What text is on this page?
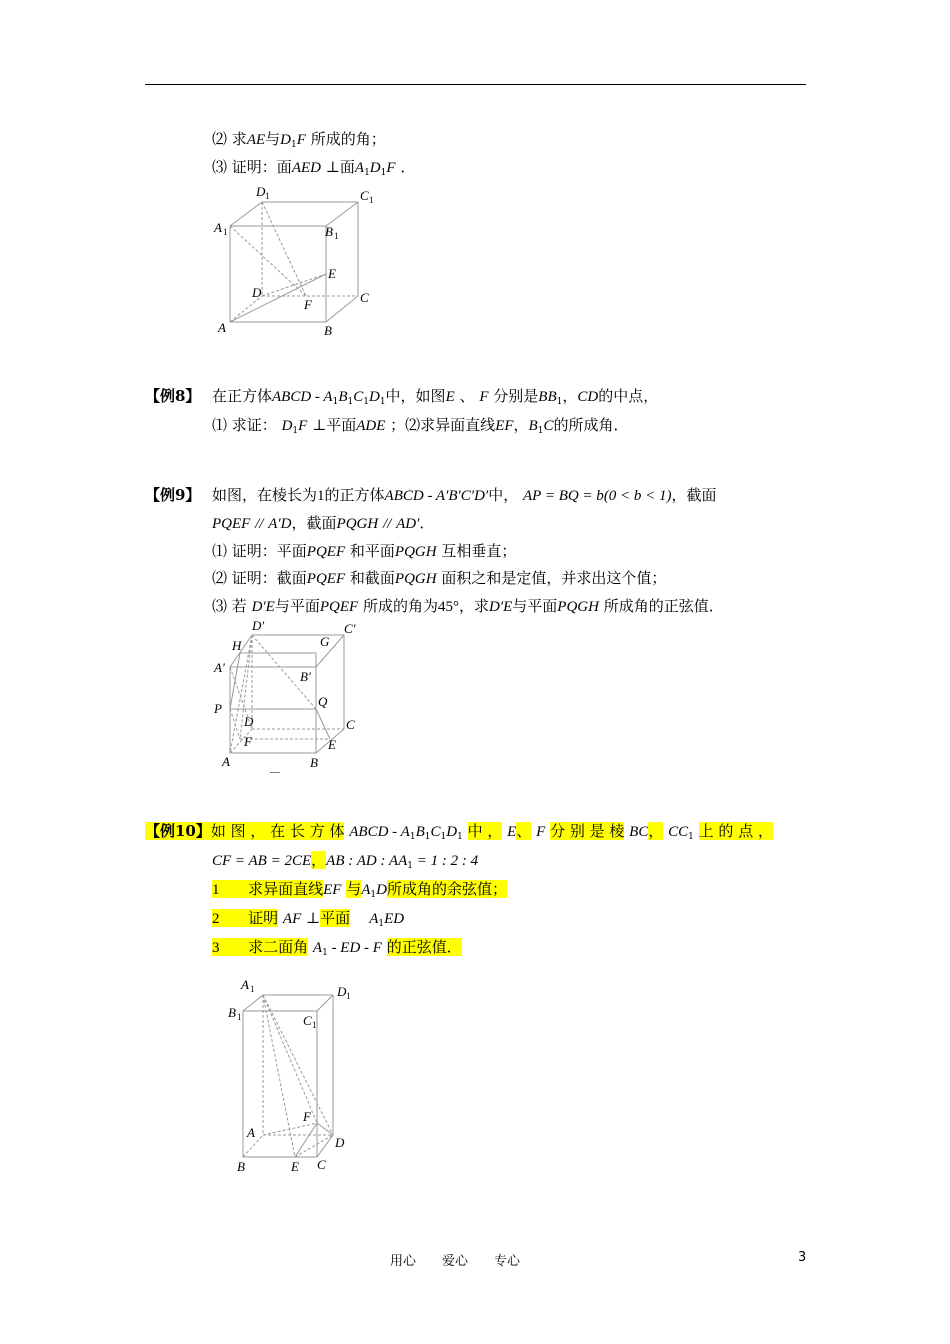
⑵ 求AE与$D_1F$ 所成的角；
⑶ 证明：面AED ⊥面$A_1D_1F$ ．
D 1	C 1
A 1	B 1
E
D
F	C
A	B
【例8】 在正方体ABCD - $A_1B_1C_1D_1$中，如图E 、 F 分别是$BB_1$，CD的中点，
⑴ 求证： $D_1F$ ⊥平面ADE ；⑵求异面直线EF，$B_1C$的所成角．
【例9】 如图，在棱长为1的正方体ABCD - A′B′C′D′中， AP = BQ = b(0 < b < 1)，截面
PQEF // A′D，截面PQGH // AD′．
⑴ 证明：平面PQEF 和平面PQGH 互相垂直；
⑵ 证明：截面PQEF 和截面PQGH 面积之和是定值，并求出这个值；
⑶ 若 D′E与平面PQEF 所成的角为45°，求D′E与平面PQGH 所成角的正弦值．
D′	C′
H	G
A′
B′
P	Q
D	C
F	E
A	B
—
【例10】如 图 ， 在 长 方 体 ABCD - $A_1B_1C_1D_1$ 中 ， E、 F 分 别 是 棱 BC， $CC_1$ 上 的 点 ，
CF = AB = 2CE，AB : AD : $AA_1 = 1$ : 2 : 4
1 求异面直线EF 与$A_1D$所成角的余弦值；
2 证明 AF ⊥平面 $A_1ED$
3 求二面角 $A_1$ - ED - F 的正弦值．
A 1	D 1
B 1	C 1
F
A
D
B	E C
用心　　爱心　　专心	3
